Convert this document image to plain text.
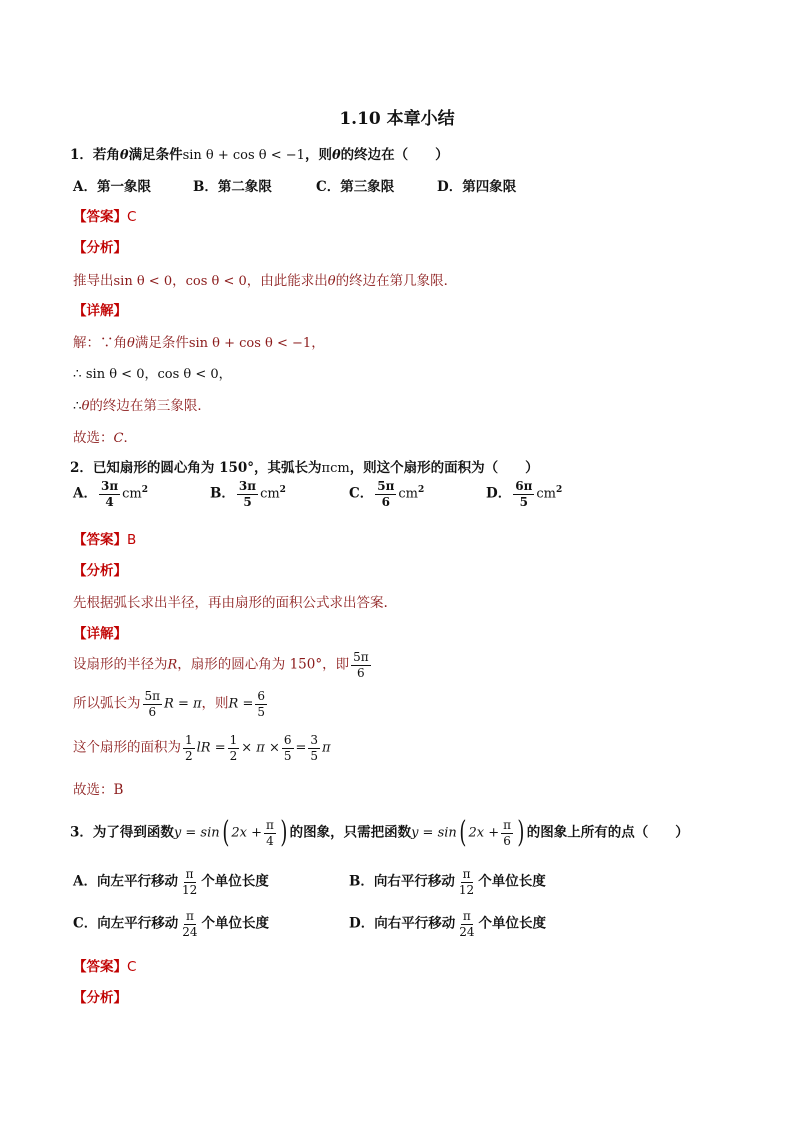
1.10 本章小结
1．若角θ满足条件sin θ + cos θ < −1，则θ的终边在（　　）
A．第一象限	B．第二象限	C．第三象限	D．第四象限
【答案】C
【分析】
推导出sin θ < 0，cos θ < 0，由此能求出θ的终边在第几象限．
【详解】
解：∵角θ满足条件sin θ + cos θ < −1，
∴ sin θ < 0，cos θ < 0，
∴θ的终边在第三象限．
故选：C．
2．已知扇形的圆心角为 150°，其弧长为πcm，则这个扇形的面积为（　　）
A． $\frac{3\pi}{4} cm^2$	B． $\frac{3\pi}{5} cm^2$	C． $\frac{5\pi}{6} cm^2$	D． $\frac{6\pi}{5} cm^2$
【答案】B
【分析】
先根据弧长求出半径，再由扇形的面积公式求出答案.
【详解】
设扇形的半径为R，扇形的圆心角为 150°，即 $\frac{5\pi}{6}$
所以弧长为 $\frac{5\pi}{6}$ R = π，则$R = \frac{6}{5}$
这个扇形的面积为 $\frac{1}{2}$ lR = $\frac{1}{2} \times \pi \times \frac{6}{5} = \frac{3}{5}$ π
故选：B
3．为了得到函数y = sin( $2x + \frac{\pi}{4}$ ) 的图象，只需把函数y = sin( $2x + \frac{\pi}{6}$ ) 的图象上所有的点（　　）
A．向左平行移动 $\frac{\pi}{12}$ 个单位长度	B．向右平行移动 $\frac{\pi}{12}$ 个单位长度
C．向左平行移动 $\frac{\pi}{24}$ 个单位长度	D．向右平行移动 $\frac{\pi}{24}$ 个单位长度
【答案】C
【分析】
